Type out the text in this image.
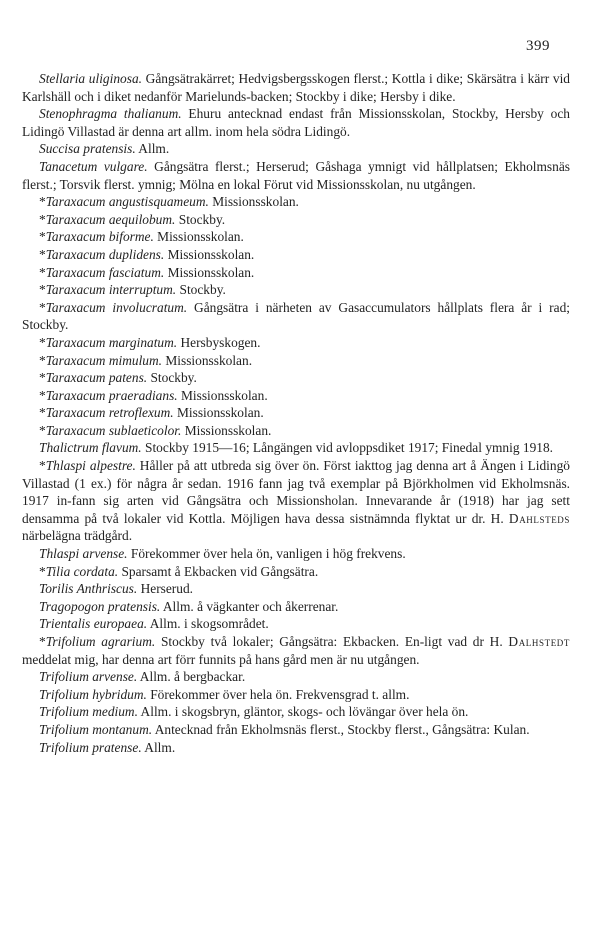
399

Stellaria uliginosa. Gångsätrakärret; Hedvigsbergsskogen flerst.; Kottla i dike; Skärsätra i kärr vid Karlshäll och i diket nedanför Marielunds-backen; Stockby i dike; Hersby i dike.

Stenophragma thalianum. Ehuru antecknad endast från Missionsskolan, Stockby, Hersby och Lidingö Villastad är denna art allm. inom hela södra Lidingö.

Succisa pratensis. Allm.

Tanacetum vulgare. Gångsätra flerst.; Herserud; Gåshaga ymnigt vid hållplatsen; Ekholmsnäs flerst.; Torsvik flerst. ymnig; Mölna en lokal Förut vid Missionsskolan, nu utgången.

*Taraxacum angustisquameum. Missionsskolan.

*Taraxacum aequilobum. Stockby.

*Taraxacum biforme. Missionsskolan.

*Taraxacum duplidens. Missionsskolan.

*Taraxacum fasciatum. Missionsskolan.

*Taraxacum interruptum. Stockby.

*Taraxacum involucratum. Gångsätra i närheten av Gasaccumulators hållplats flera år i rad; Stockby.

*Taraxacum marginatum. Hersbyskogen.

*Taraxacum mimulum. Missionsskolan.

*Taraxacum patens. Stockby.

*Taraxacum praeradians. Missionsskolan.

*Taraxacum retroflexum. Missionsskolan.

*Taraxacum sublaeticolor. Missionsskolan.

Thalictrum flavum. Stockby 1915—16; Långängen vid avloppsdiket 1917; Finedal ymnig 1918.

*Thlaspi alpestre. Håller på att utbreda sig över ön. Först iakttog jag denna art å Ängen i Lidingö Villastad (1 ex.) för några år sedan. 1916 fann jag två exemplar på Björkholmen vid Ekholmsnäs. 1917 in-fann sig arten vid Gångsätra och Missionsholan. Innevarande år (1918) har jag sett densamma på två lokaler vid Kottla. Möjligen hava dessa sistnämnda flyktat ur dr. H. Dahlsteds närbelägna trädgård.

Thlaspi arvense. Förekommer över hela ön, vanligen i hög frekvens.

*Tilia cordata. Sparsamt å Ekbacken vid Gångsätra.

Torilis Anthriscus. Herserud.

Tragopogon pratensis. Allm. å vägkanter och åkerrenar.

Trientalis europaea. Allm. i skogsområdet.

*Trifolium agrarium. Stockby två lokaler; Gångsätra: Ekbacken. En-ligt vad dr H. Dalhstedt meddelat mig, har denna art förr funnits på hans gård men är nu utgången.

Trifolium arvense. Allm. å bergbackar.

Trifolium hybridum. Förekommer över hela ön. Frekvensgrad t. allm.

Trifolium medium. Allm. i skogsbryn, gläntor, skogs- och lövängar över hela ön.

Trifolium montanum. Antecknad från Ekholmsnäs flerst., Stockby flerst., Gångsätra: Kulan.

Trifolium pratense. Allm.
